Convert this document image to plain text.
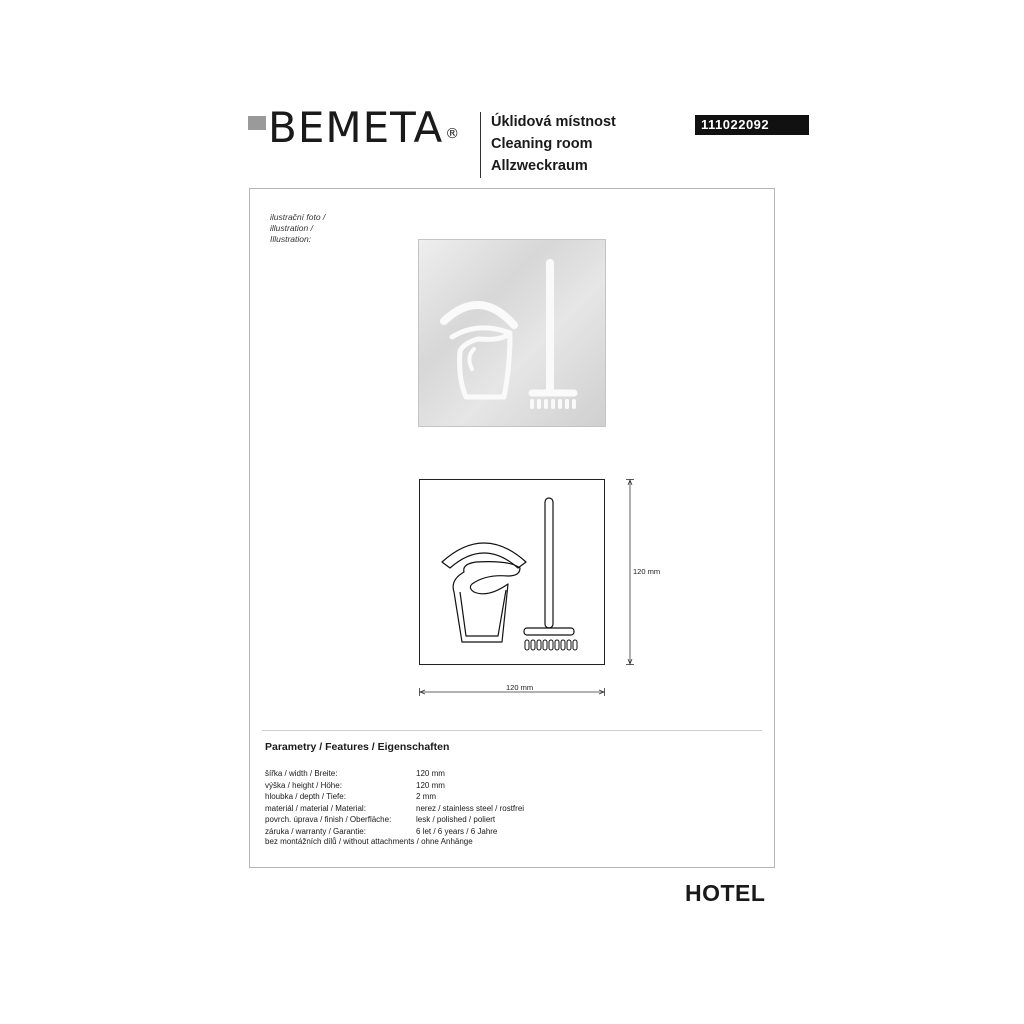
BEMETA ®
Úklidová místnost
Cleaning room
Allzweckraum
111022092
ilustrační foto /
illustration /
Illustration:
120 mm
120 mm
Parametry / Features / Eigenschaften
šířka / width / Breite:	120 mm
výška / height / Höhe:	120 mm
hloubka / depth / Tiefe:	2 mm
materiál / material / Material:	nerez / stainless steel / rostfrei
povrch. úprava / finish / Oberfläche:	lesk / polished / poliert
záruka / warranty / Garantie:	6 let / 6 years / 6 Jahre
bez montážních dílů / without attachments / ohne Anhänge
HOTEL
